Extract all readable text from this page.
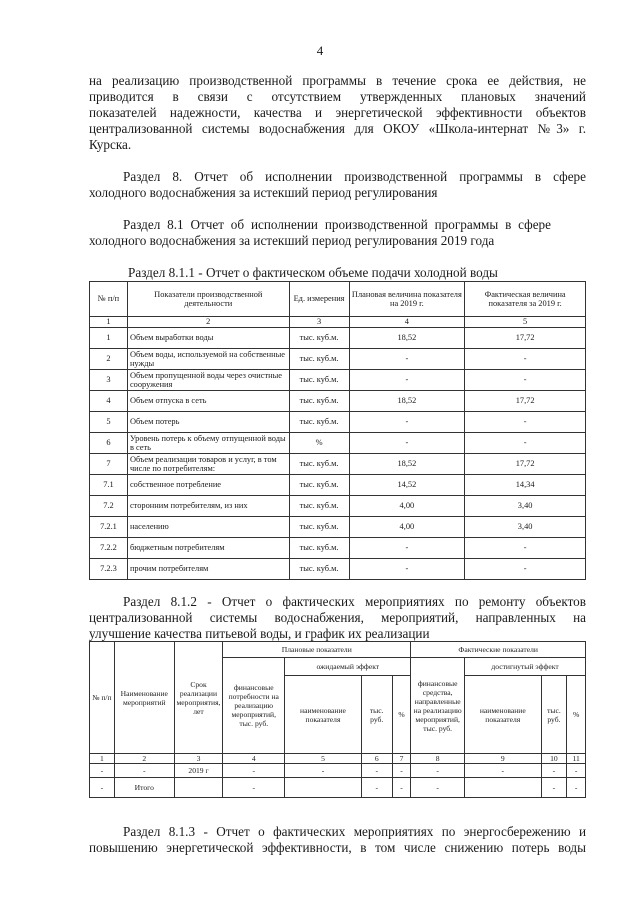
4
на реализацию производственной программы в течение срока ее действия, не
приводится в связи с отсутствием утвержденных плановых значений
показателей надежности, качества и энергетической эффективности объектов
централизованной системы водоснабжения для ОКОУ «Школа-интернат №3» г.
Курска.
Раздел 8. Отчет об исполнении производственной программы в сфере
холодного водоснабжения за истекший период регулирования
Раздел 8.1 Отчет об исполнении производственной программы в сфере
холодного водоснабжения за истекший период регулирования 2019 года
Раздел 8.1.1 - Отчет о фактическом объеме подачи холодной воды
№ п/п	Показатели производственной деятельности	Ед. измерения	Плановая величина показателя на 2019 г.	Фактическая величина показателя за 2019 г.
1	2	3	4	5
1	Объем выработки воды	тыс. куб.м.	18,52	17,72
2	Объем воды, используемой на собственные нужды	тыс. куб.м.	-	-
3	Объем пропущенной воды через очистные сооружения	тыс. куб.м.	-	-
4	Объем отпуска в сеть	тыс. куб.м.	18,52	17,72
5	Объем потерь	тыс. куб.м.	-	-
6	Уровень потерь к объему отпущенной воды в сеть	%	-	-
7	Объем реализации товаров и услуг, в том числе по потребителям:	тыс. куб.м.	18,52	17,72
7.1	собственное потребление	тыс. куб.м.	14,52	14,34
7.2	сторонним потребителям, из них	тыс. куб.м.	4,00	3,40
7.2.1	населению	тыс. куб.м.	4,00	3,40
7.2.2	бюджетным потребителям	тыс. куб.м.	-	-
7.2.3	прочим потребителям	тыс. куб.м.	-	-
Раздел 8.1.2 - Отчет о фактических мероприятиях по ремонту объектов
централизованной системы водоснабжения, мероприятий, направленных на
улучшение качества питьевой воды, и график их реализации
№ п/п	Наименование мероприятий	Срок реализации мероприятия, лет	Плановые показатели				Фактические показатели			
			финансовые потребности на реализацию мероприятий, тыс. руб.	ожидаемый эффект			финансовые средства, направленные на реализацию мероприятий, тыс. руб.	достигнутый эффект		
				наименование показателя	тыс. руб.	%		наименование показателя	тыс. руб.	%
1	2	3	4	5	6	7	8	9	10	11
-	-	2019 г	-	-	-	-	-	-	-	-
-	Итого		-		-	-	-		-	-
Раздел 8.1.3 - Отчет о фактических мероприятиях по энергосбережению и
повышению энергетической эффективности, в том числе снижению потерь воды
